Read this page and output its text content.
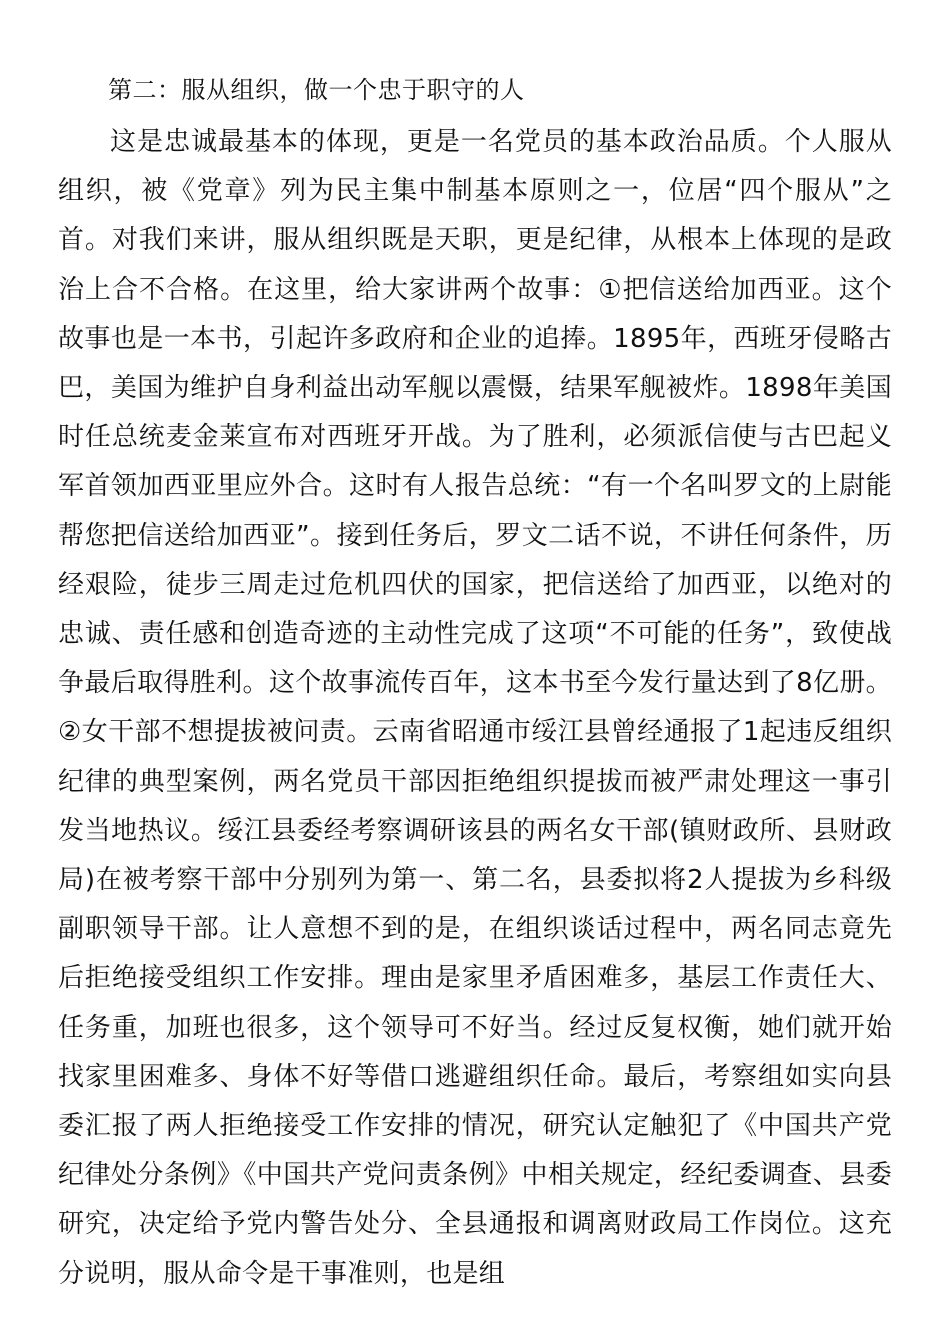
第二：服从组织，做一个忠于职守的人
这是忠诚最基本的体现，更是一名党员的基本政治品质。个人服从组织，被《党章》列为民主集中制基本原则之一，位居“四个服从”之首。对我们来讲，服从组织既是天职，更是纪律，从根本上体现的是政治上合不合格。在这里，给大家讲两个故事：①把信送给加西亚。这个故事也是一本书，引起许多政府和企业的追捧。1895年，西班牙侵略古巴，美国为维护自身利益出动军舰以震慑，结果军舰被炸。1898年美国时任总统麦金莱宣布对西班牙开战。为了胜利，必须派信使与古巴起义军首领加西亚里应外合。这时有人报告总统：“有一个名叫罗文的上尉能帮您把信送给加西亚”。接到任务后，罗文二话不说，不讲任何条件，历经艰险，徒步三周走过危机四伏的国家，把信送给了加西亚，以绝对的忠诚、责任感和创造奇迹的主动性完成了这项“不可能的任务”，致使战争最后取得胜利。这个故事流传百年，这本书至今发行量达到了8亿册。②女干部不想提拔被问责。云南省昭通市绥江县曾经通报了1起违反组织纪律的典型案例，两名党员干部因拒绝组织提拔而被严肃处理这一事引发当地热议。绥江县委经考察调研该县的两名女干部(镇财政所、县财政局)在被考察干部中分别列为第一、第二名，县委拟将2人提拔为乡科级副职领导干部。让人意想不到的是，在组织谈话过程中，两名同志竟先后拒绝接受组织工作安排。理由是家里矛盾困难多，基层工作责任大、任务重，加班也很多，这个领导可不好当。经过反复权衡，她们就开始找家里困难多、身体不好等借口逃避组织任命。最后，考察组如实向县委汇报了两人拒绝接受工作安排的情况，研究认定触犯了《中国共产党纪律处分条例》《中国共产党问责条例》中相关规定，经纪委调查、县委研究，决定给予党内警告处分、全县通报和调离财政局工作岗位。这充分说明，服从命令是干事准则，也是组
